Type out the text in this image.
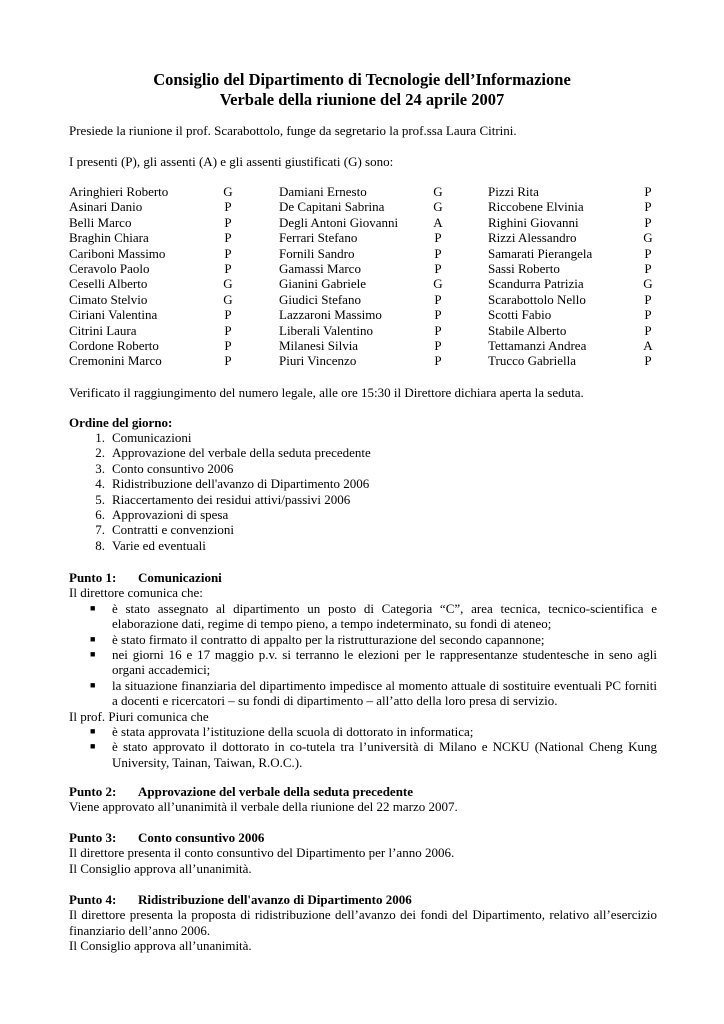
Consiglio del Dipartimento di Tecnologie dell’Informazione
Verbale della riunione del 24 aprile 2007
Presiede la riunione il prof. Scarabottolo, funge da segretario la prof.ssa Laura Citrini.
I presenti (P), gli assenti (A) e gli assenti giustificati (G) sono:
Aringhieri Roberto	G
Asinari Danio	P
Belli Marco	P
Braghin Chiara	P
Cariboni Massimo	P
Ceravolo Paolo	P
Ceselli Alberto	G
Cimato Stelvio	G
Ciriani Valentina	P
Citrini Laura	P
Cordone Roberto	P
Cremonini Marco	P
Damiani Ernesto	G
De Capitani Sabrina	G
Degli Antoni Giovanni	A
Ferrari Stefano	P
Fornili Sandro	P
Gamassi Marco	P
Gianini Gabriele	G
Giudici Stefano	P
Lazzaroni Massimo	P
Liberali Valentino	P
Milanesi Silvia	P
Piuri Vincenzo	P
Pizzi Rita	P
Riccobene Elvinia	P
Righini Giovanni	P
Rizzi Alessandro	G
Samarati Pierangela	P
Sassi Roberto	P
Scandurra Patrizia	G
Scarabottolo Nello	P
Scotti Fabio	P
Stabile Alberto	P
Tettamanzi Andrea	A
Trucco Gabriella	P
Verificato il raggiungimento del numero legale, alle ore 15:30 il Direttore dichiara aperta la seduta.
Ordine del giorno:
1. Comunicazioni
2. Approvazione del verbale della seduta precedente
3. Conto consuntivo 2006
4. Ridistribuzione dell'avanzo di Dipartimento 2006
5. Riaccertamento dei residui attivi/passivi 2006
6. Approvazioni di spesa
7. Contratti e convenzioni
8. Varie ed eventuali
Punto 1: Comunicazioni
Il direttore comunica che:
■ è stato assegnato al dipartimento un posto di Categoria “C”, area tecnica, tecnico-scientifica e elaborazione dati, regime di tempo pieno, a tempo indeterminato, su fondi di ateneo;
■ è stato firmato il contratto di appalto per la ristrutturazione del secondo capannone;
■ nei giorni 16 e 17 maggio p.v. si terranno le elezioni per le rappresentanze studentesche in seno agli organi accademici;
■ la situazione finanziaria del dipartimento impedisce al momento attuale di sostituire eventuali PC forniti a docenti e ricercatori – su fondi di dipartimento – all’atto della loro presa di servizio.
Il prof. Piuri comunica che
■ è stata approvata l’istituzione della scuola di dottorato in informatica;
■ è stato approvato il dottorato in co-tutela tra l’università di Milano e NCKU (National Cheng Kung University, Tainan, Taiwan, R.O.C.).
Punto 2: Approvazione del verbale della seduta precedente
Viene approvato all’unanimità il verbale della riunione del 22 marzo 2007.
Punto 3: Conto consuntivo 2006
Il direttore presenta il conto consuntivo del Dipartimento per l’anno 2006.
Il Consiglio approva all’unanimità.
Punto 4: Ridistribuzione dell'avanzo di Dipartimento 2006
Il direttore presenta la proposta di ridistribuzione dell’avanzo dei fondi del Dipartimento, relativo all’esercizio finanziario dell’anno 2006.
Il Consiglio approva all’unanimità.
